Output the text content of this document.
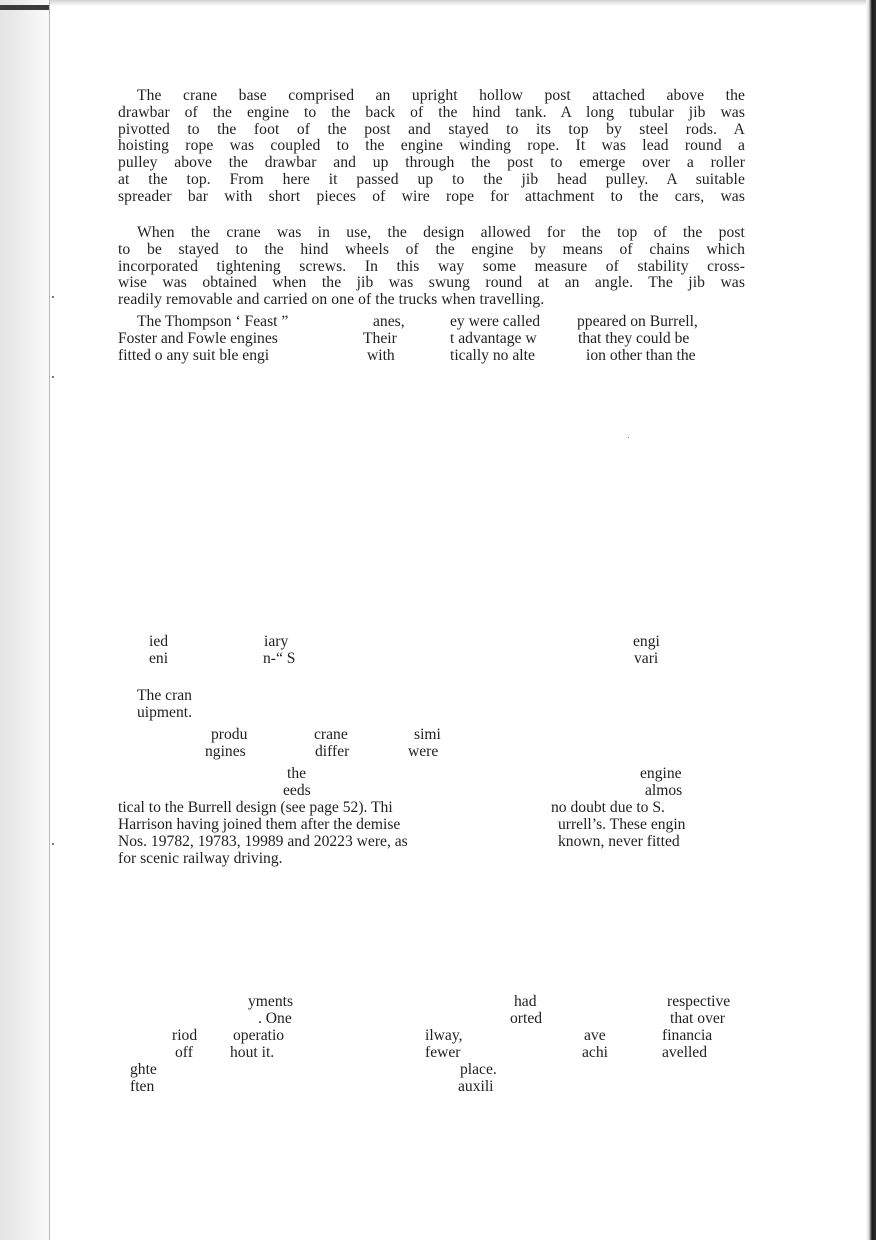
The crane base comprised an upright hollow post attached above the
drawbar of the engine to the back of the hind tank. A long tubular jib was
pivotted to the foot of the post and stayed to its top by steel rods. A
hoisting rope was coupled to the engine winding rope. It was lead round a
pulley above the drawbar and up through the post to emerge over a roller
at the top. From here it passed up to the jib head pulley. A suitable
spreader bar with short pieces of wire rope for attachment to the cars, was
When the crane was in use, the design allowed for the top of the post
to be stayed to the hind wheels of the engine by means of chains which
incorporated tightening screws. In this way some measure of stability cross-
wise was obtained when the jib was swung round at an angle. The jib was
readily removable and carried on one of the trucks when travelling.
The Thompson ‘ Feast ”	anes,	ey were called ppeared on Burrell,
Foster and Fowle engines	Their	t advantage w	that they could be
fitted o any suit ble engi	with	tically no alte	ion other than the
ied	iary	engi
eni	n-“ S	vari
The cran
uipment.
produ	crane	simi
ngines	differ	were
the	engine
eeds	almos
tical to the Burrell design (see page 52). Thi	no doubt due to S.
Harrison having joined them after the demise	urrell’s. These engin
Nos. 19782, 19783, 19989 and 20223 were, as	known, never fitted
for scenic railway driving.
yments	had	respective
. One	orted	that over
riod operatio	ilway,	ave	financia
off hout it.	fewer	achi	avelled
ghte	place.
ften	auxili
